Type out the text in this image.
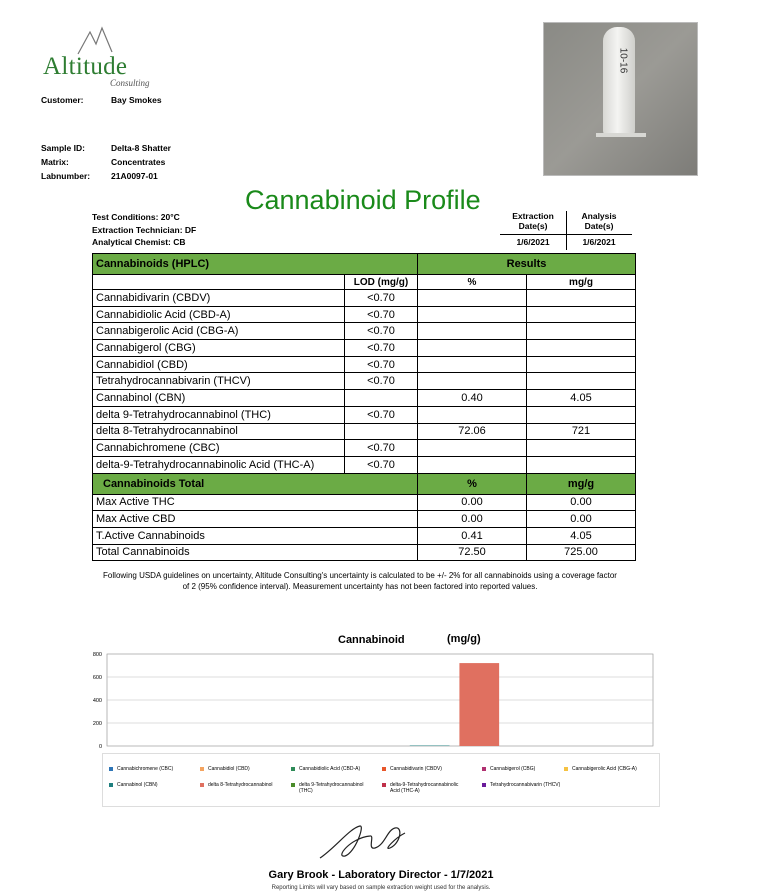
Altitude
Consulting
Customer:	Bay Smokes
Sample ID:	Delta-8 Shatter
Matrix:	Concentrates
Labnumber: 21A0097-01
10-16
Cannabinoid Profile
Test Conditions: 20°C
Extraction Technician: DF
Analytical Chemist: CB
Extraction
Date(s)
Analysis
Date(s)
1/6/2021	1/6/2021
Cannabinoids (HPLC)		Results	
	LOD (mg/g)	%	mg/g
Cannabidivarin (CBDV)	<0.70		
Cannabidiolic Acid (CBD-A)	<0.70		
Cannabigerolic Acid (CBG-A)	<0.70		
Cannabigerol (CBG)	<0.70		
Cannabidiol (CBD)	<0.70		
Tetrahydrocannabivarin (THCV)	<0.70		
Cannabinol (CBN)		0.40	4.05
delta 9-Tetrahydrocannabinol (THC)	<0.70		
delta 8-Tetrahydrocannabinol		72.06	721
Cannabichromene (CBC)	<0.70		
delta-9-Tetrahydrocannabinolic Acid (THC-A)	<0.70		
Cannabinoids Total		%	mg/g
Max Active THC		0.00	0.00
Max Active CBD		0.00	0.00
T.Active Cannabinoids		0.41	4.05
Total Cannabinoids		72.50	725.00
Following USDA guidelines on uncertainty, Altitude Consulting's uncertainty is calculated to be +/- 2% for all cannabinoids using a coverage factor of 2 (95% confidence interval). Measurement uncertainty has not been factored into reported values.
Cannabinoid	(mg/g)
0
200
400
600
800
Cannabichromene (CBC)	Cannabidiol (CBD)	Cannabidiolic Acid (CBD-A)	Cannabidivarin (CBDV)	Cannabigerol (CBG)	Cannabigerolic Acid (CBG-A)
Cannabinol (CBN)	delta 8-Tetrahydrocannabinol	delta 9-Tetrahydrocannabinol (THC)
delta-9-Tetrahydrocannabinolic Acid (THC-A)
Tetrahydrocannabivarin (THCV)
Gary Brook - Laboratory Director - 1/7/2021
Reporting Limits will vary based on sample extraction weight used for the analysis.
